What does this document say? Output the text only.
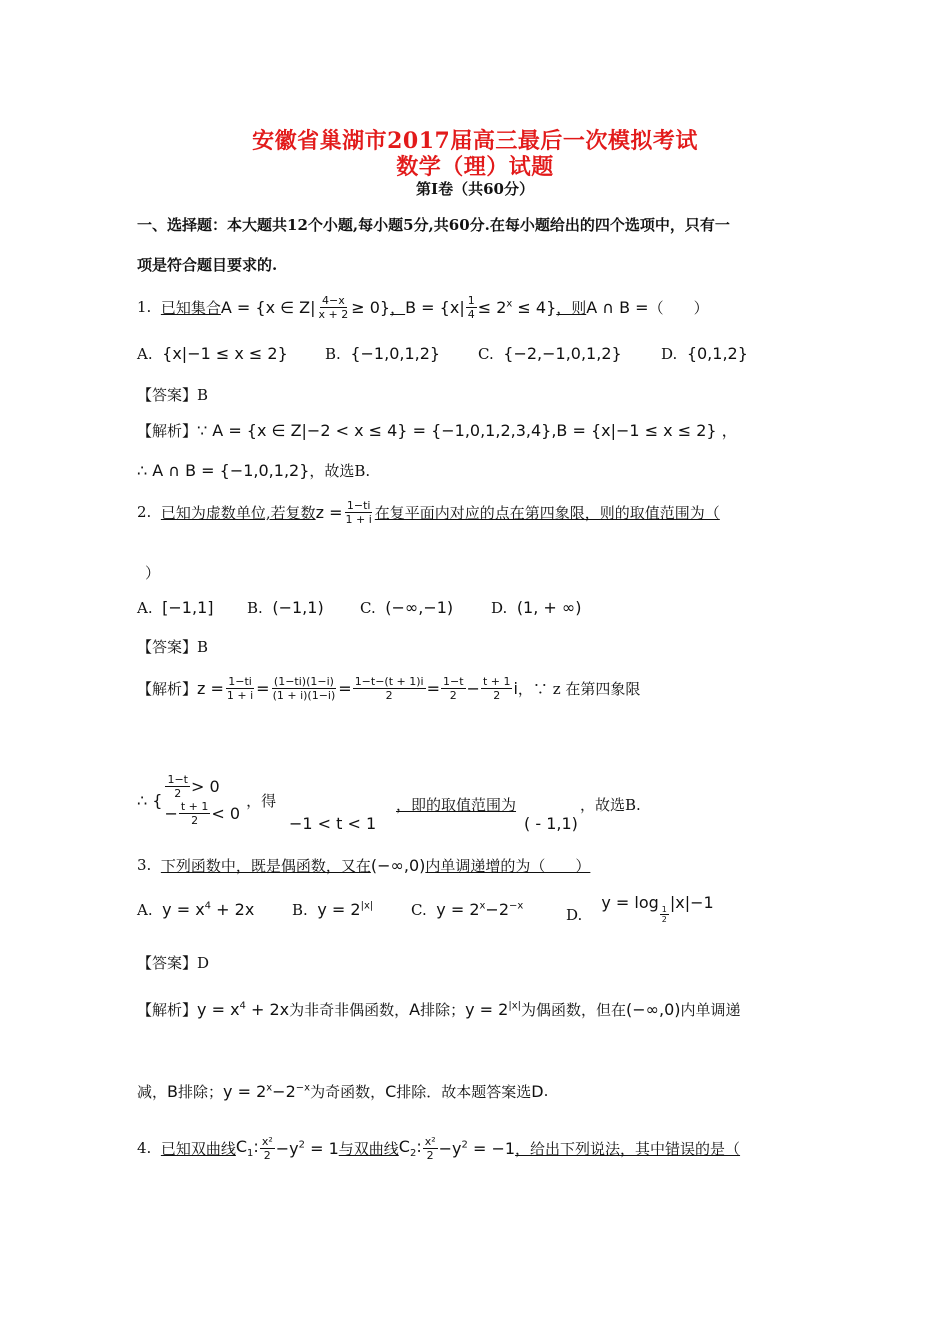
安徽省巢湖市2017届高三最后一次模拟考试
数学（理）试题
第Ⅰ卷（共60分）
一、选择题：本大题共12个小题,每小题5分,共60分.在每小题给出的四个选项中，只有一
项是符合题目要求的.
1.
已知集合 A = {x ∈ $Z| \frac{4-x}{x + 2} \ge 0$} ， $B = \{x| \frac{1}{4} \le 2^x \le 4\}$ ，则 A ∩ B = （　　）
A. {x|−1 ≤ x ≤ 2} B. {−1,0,1,2}	C. {−2,−1,0,1,2}	D. {0,1,2}
【答案】B
【解析】∵ A = {x ∈ Z|−2 < x ≤ 4} = {−1,0,1,2,3,4},B = {x|−1 ≤ x ≤ 2} ，
∴ A ∩ B = {−1,0,1,2}，故选B.
2.
已知为虚数单位,若复数 $z = \frac{1-ti}{1 + i}$ 在复平面内对应的点在第四象限，则的取值范围为（
）
A. [−1,1] B. (−1,1) C. (−∞,−1)	D. (1, + ∞)
【答案】B
【解析】 $z = \frac{1-ti}{1 + i} = \frac{(1-ti)(1-i)}{(1 + i)(1-i)} = \frac{1-t-(t + 1)i}{2} = \frac{1-t}{2} - \frac{t + 1}{2}$ i ，∵ z 在第四象限
∴ { $\frac{1-t}{2} > 0$
− $\frac{t + 1}{2} < 0$
，得
−1 < t < 1
，即的取值范围为
( - 1,1)
，故选B.
3.
下列函数中，既是偶函数，又在 (−∞,0) 内单调递增的为（　　）
A. $y = x^4 + 2x$	B. $y = 2^{|x|}$	C. $y = 2^x-2^{-x}$	D.

y = log
$\frac{1}{2}$
|x|−1
【答案】D
【解析】 $y = x^4 + 2x$ 为非奇非偶函数， A 排除； $y = 2^{|x|}$ 为偶函数，但在 (−∞,0) 内单调递
减， B 排除； $y = 2^x-2^{-x}$ 为奇函数， C 排除．故本题答案选 D .
4.
已知双曲线 $C_1$: $\frac{\text{x²}}{2} -y^2 = 1$ 与双曲线 $C_2$: $\frac{\text{x²}}{2} -y^2 = -1$ ，给出下列说法，其中错误的是（
